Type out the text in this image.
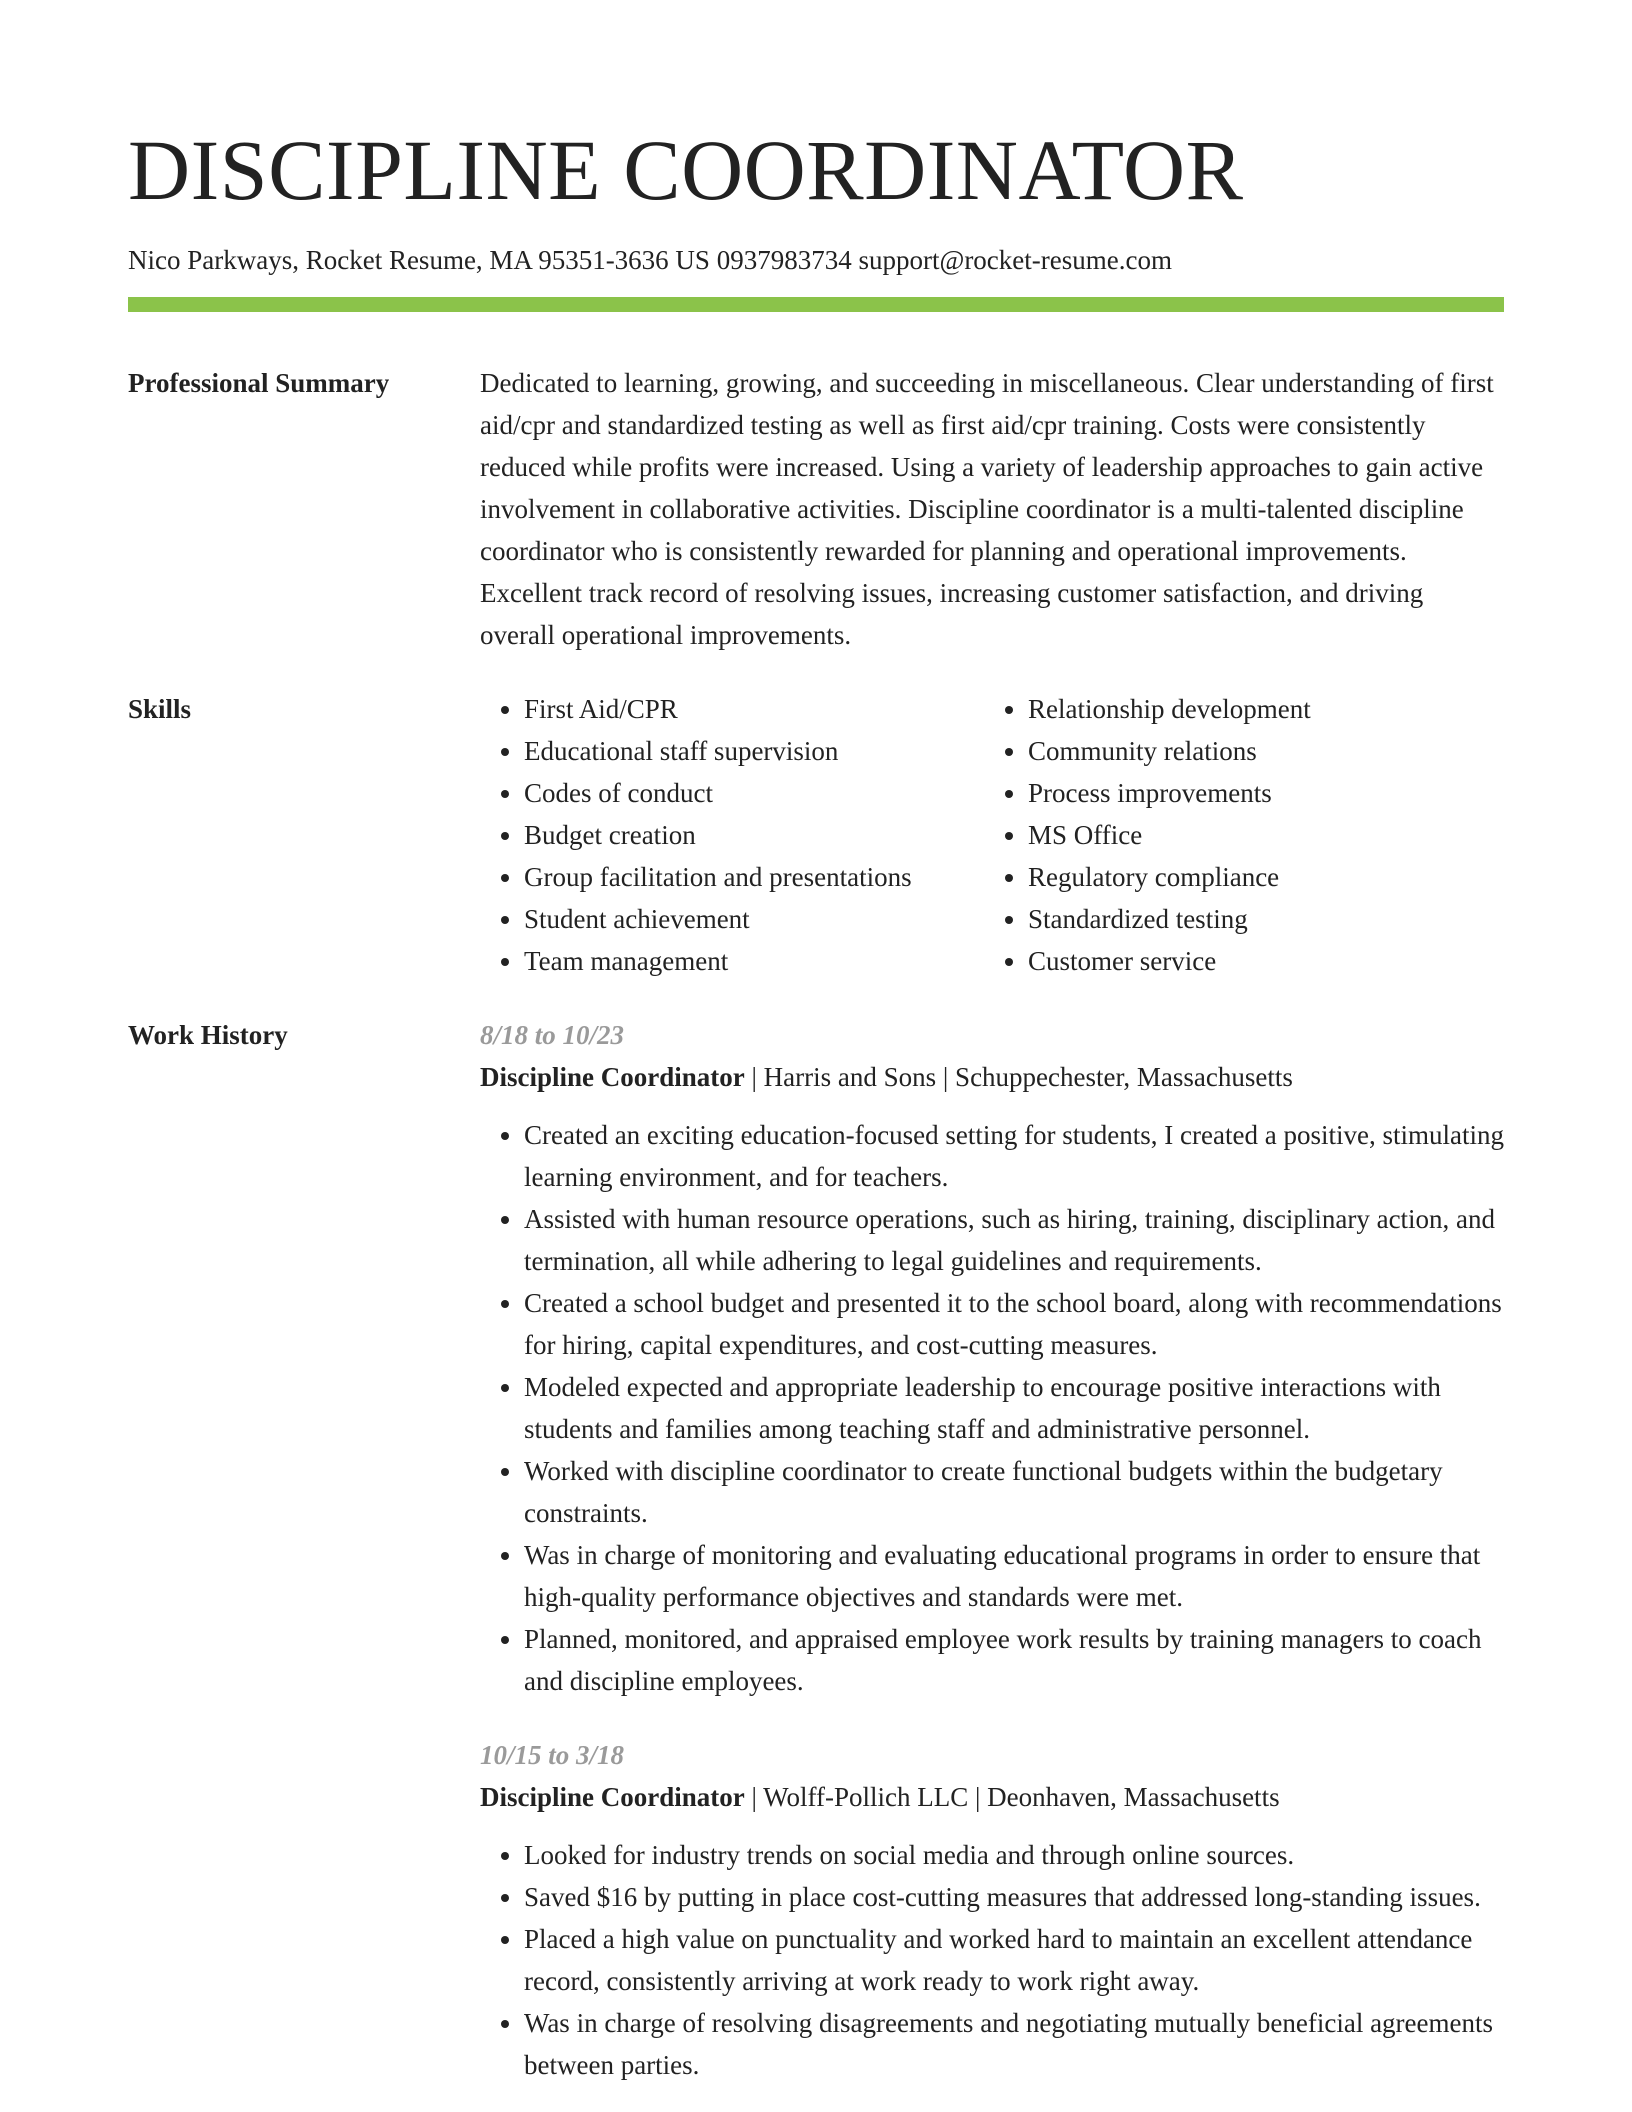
DISCIPLINE COORDINATOR
Nico Parkways, Rocket Resume, MA 95351-3636 US 0937983734 support@rocket-resume.com
Professional Summary	Dedicated to learning, growing, and succeeding in miscellaneous. Clear understanding of first aid/cpr and standardized testing as well as first aid/cpr training. Costs were consistently reduced while profits were increased. Using a variety of leadership approaches to gain active involvement in collaborative activities. Discipline coordinator is a multi-talented discipline coordinator who is consistently rewarded for planning and operational improvements. Excellent track record of resolving issues, increasing customer satisfaction, and driving overall operational improvements.

Skills
•	First Aid/CPR
• Educational staff supervision
• Codes of conduct
• Budget creation
• Group facilitation and presentations
• Student achievement
• Team management
• Relationship development
• Community relations
• Process improvements
• MS Office
• Regulatory compliance
• Standardized testing
• Customer service
Work History	8/18 to 10/23
Discipline Coordinator | Harris and Sons | Schuppechester, Massachusetts
• Created an exciting education-focused setting for students, I created a positive, stimulating learning environment, and for teachers.
• Assisted with human resource operations, such as hiring, training, disciplinary action, and termination, all while adhering to legal guidelines and requirements.
• Created a school budget and presented it to the school board, along with recommendations for hiring, capital expenditures, and cost-cutting measures.
• Modeled expected and appropriate leadership to encourage positive interactions with students and families among teaching staff and administrative personnel.
• Worked with discipline coordinator to create functional budgets within the budgetary constraints.
• Was in charge of monitoring and evaluating educational programs in order to ensure that high-quality performance objectives and standards were met.
• Planned, monitored, and appraised employee work results by training managers to coach and discipline employees.
10/15 to 3/18
Discipline Coordinator | Wolff-Pollich LLC | Deonhaven, Massachusetts
• Looked for industry trends on social media and through online sources.
• Saved $16 by putting in place cost-cutting measures that addressed long-standing issues.
• Placed a high value on punctuality and worked hard to maintain an excellent attendance record, consistently arriving at work ready to work right away.
• Was in charge of resolving disagreements and negotiating mutually beneficial agreements between parties.
